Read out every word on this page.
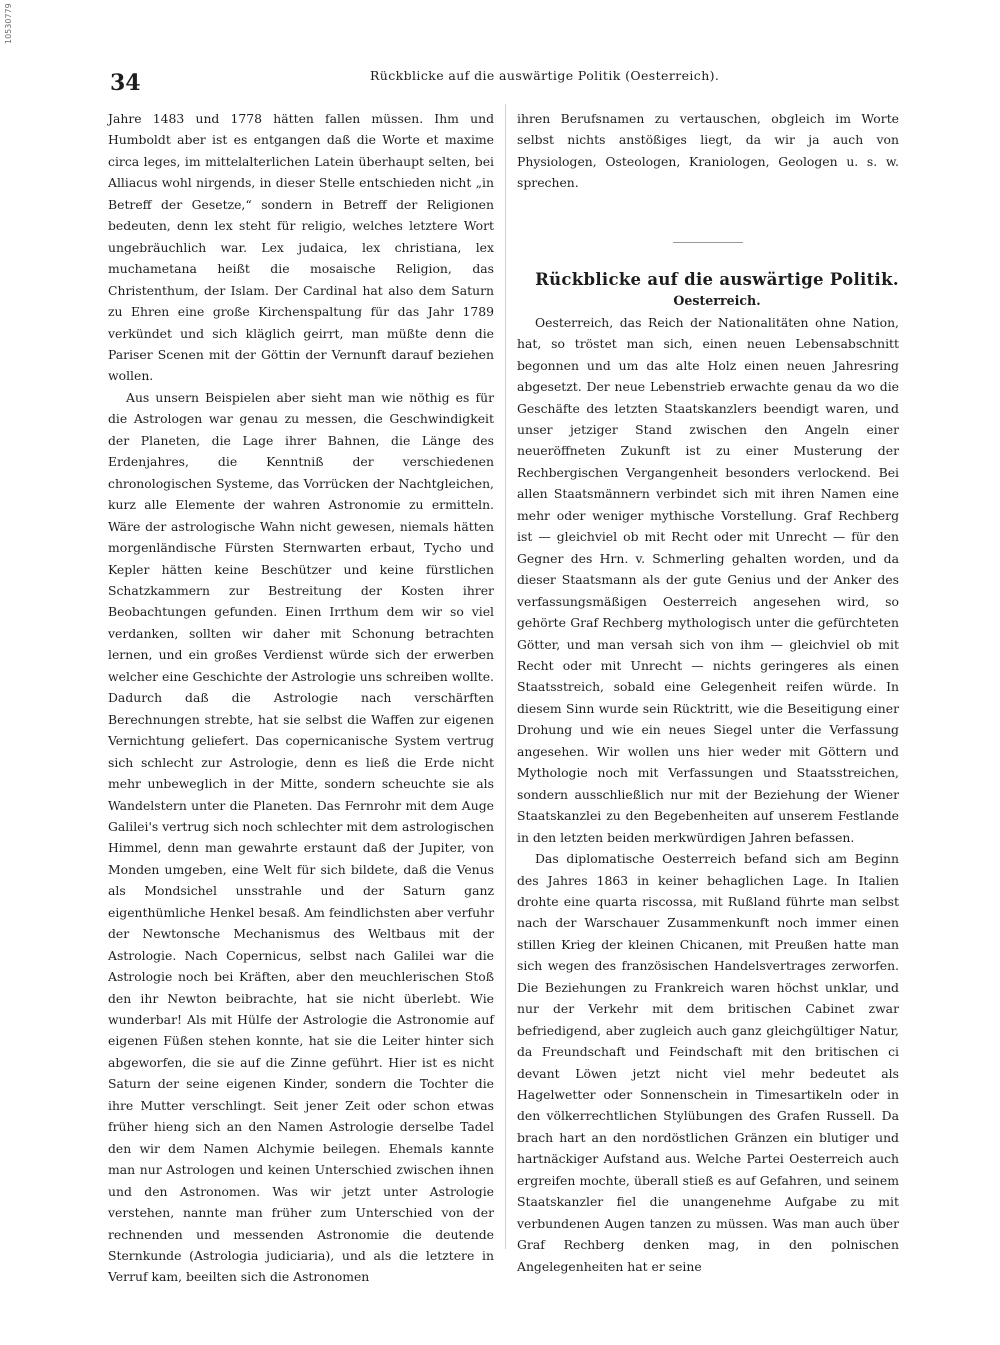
10530779
34	Rückblicke auf die auswärtige Politik (Oesterreich).

Jahre 1483 und 1778 hätten fallen müssen. Ihm und Humboldt aber ist es entgangen daß die Worte et maxime circa leges, im mittelalterlichen Latein überhaupt selten, bei Alliacus wohl nirgends, in dieser Stelle entschieden nicht „in Betreff der Gesetze,“ sondern in Betreff der Religionen bedeuten, denn lex steht für religio, welches letztere Wort ungebräuchlich war. Lex judaica, lex christiana, lex muchametana heißt die mosaische Religion, das Christenthum, der Islam. Der Cardinal hat also dem Saturn zu Ehren eine große Kirchenspaltung für das Jahr 1789 verkündet und sich kläglich geirrt, man müßte denn die Pariser Scenen mit der Göttin der Vernunft darauf beziehen wollen.

Aus unsern Beispielen aber sieht man wie nöthig es für die Astrologen war genau zu messen, die Geschwindigkeit der Planeten, die Lage ihrer Bahnen, die Länge des Erdenjahres, die Kenntniß der verschiedenen chronologischen Systeme, das Vorrücken der Nachtgleichen, kurz alle Elemente der wahren Astronomie zu ermitteln. Wäre der astrologische Wahn nicht gewesen, niemals hätten morgenländische Fürsten Sternwarten erbaut, Tycho und Kepler hätten keine Beschützer und keine fürstlichen Schatzkammern zur Bestreitung der Kosten ihrer Beobachtungen gefunden. Einen Irrthum dem wir so viel verdanken, sollten wir daher mit Schonung betrachten lernen, und ein großes Verdienst würde sich der erwerben welcher eine Geschichte der Astrologie uns schreiben wollte. Dadurch daß die Astrologie nach verschärften Berechnungen strebte, hat sie selbst die Waffen zur eigenen Vernichtung geliefert. Das copernicanische System vertrug sich schlecht zur Astrologie, denn es ließ die Erde nicht mehr unbeweglich in der Mitte, sondern scheuchte sie als Wandelstern unter die Planeten. Das Fernrohr mit dem Auge Galilei's vertrug sich noch schlechter mit dem astrologischen Himmel, denn man gewahrte erstaunt daß der Jupiter, von Monden umgeben, eine Welt für sich bildete, daß die Venus als Mondsichel unsstrahle und der Saturn ganz eigenthümliche Henkel besaß. Am feindlichsten aber verfuhr der Newtonsche Mechanismus des Weltbaus mit der Astrologie. Nach Copernicus, selbst nach Galilei war die Astrologie noch bei Kräften, aber den meuchlerischen Stoß den ihr Newton beibrachte, hat sie nicht überlebt. Wie wunderbar! Als mit Hülfe der Astrologie die Astronomie auf eigenen Füßen stehen konnte, hat sie die Leiter hinter sich abgeworfen, die sie auf die Zinne geführt. Hier ist es nicht Saturn der seine eigenen Kinder, sondern die Tochter die ihre Mutter verschlingt. Seit jener Zeit oder schon etwas früher hieng sich an den Namen Astrologie derselbe Tadel den wir dem Namen Alchymie beilegen. Ehemals kannte man nur Astrologen und keinen Unterschied zwischen ihnen und den Astronomen. Was wir jetzt unter Astrologie verstehen, nannte man früher zum Unterschied von der rechnenden und messenden Astronomie die deutende Sternkunde (Astrologia judiciaria), und als die letztere in Verruf kam, beeilten sich die Astronomen

ihren Berufsnamen zu vertauschen, obgleich im Worte selbst nichts anstößiges liegt, da wir ja auch von Physiologen, Osteologen, Kraniologen, Geologen u. s. w. sprechen.

Rückblicke auf die auswärtige Politik.

Oesterreich.

Oesterreich, das Reich der Nationalitäten ohne Nation, hat, so tröstet man sich, einen neuen Lebensabschnitt begonnen und um das alte Holz einen neuen Jahresring abgesetzt. Der neue Lebenstrieb erwachte genau da wo die Geschäfte des letzten Staatskanzlers beendigt waren, und unser jetziger Stand zwischen den Angeln einer neueröffneten Zukunft ist zu einer Musterung der Rechbergischen Vergangenheit besonders verlockend. Bei allen Staatsmännern verbindet sich mit ihren Namen eine mehr oder weniger mythische Vorstellung. Graf Rechberg ist — gleichviel ob mit Recht oder mit Unrecht — für den Gegner des Hrn. v. Schmerling gehalten worden, und da dieser Staatsmann als der gute Genius und der Anker des verfassungsmäßigen Oesterreich angesehen wird, so gehörte Graf Rechberg mythologisch unter die gefürchteten Götter, und man versah sich von ihm — gleichviel ob mit Recht oder mit Unrecht — nichts geringeres als einen Staatsstreich, sobald eine Gelegenheit reifen würde. In diesem Sinn wurde sein Rücktritt, wie die Beseitigung einer Drohung und wie ein neues Siegel unter die Verfassung angesehen. Wir wollen uns hier weder mit Göttern und Mythologie noch mit Verfassungen und Staatsstreichen, sondern ausschließlich nur mit der Beziehung der Wiener Staatskanzlei zu den Begebenheiten auf unserem Festlande in den letzten beiden merkwürdigen Jahren befassen.

Das diplomatische Oesterreich befand sich am Beginn des Jahres 1863 in keiner behaglichen Lage. In Italien drohte eine quarta riscossa, mit Rußland führte man selbst nach der Warschauer Zusammenkunft noch immer einen stillen Krieg der kleinen Chicanen, mit Preußen hatte man sich wegen des französischen Handelsvertrages zerworfen. Die Beziehungen zu Frankreich waren höchst unklar, und nur der Verkehr mit dem britischen Cabinet zwar befriedigend, aber zugleich auch ganz gleichgültiger Natur, da Freundschaft und Feindschaft mit den britischen ci devant Löwen jetzt nicht viel mehr bedeutet als Hagelwetter oder Sonnenschein in Timesartikeln oder in den völkerrechtlichen Stylübungen des Grafen Russell. Da brach hart an den nordöstlichen Gränzen ein blutiger und hartnäckiger Aufstand aus. Welche Partei Oesterreich auch ergreifen mochte, überall stieß es auf Gefahren, und seinem Staatskanzler fiel die unangenehme Aufgabe zu mit verbundenen Augen tanzen zu müssen. Was man auch über Graf Rechberg denken mag, in den polnischen Angelegenheiten hat er seine
